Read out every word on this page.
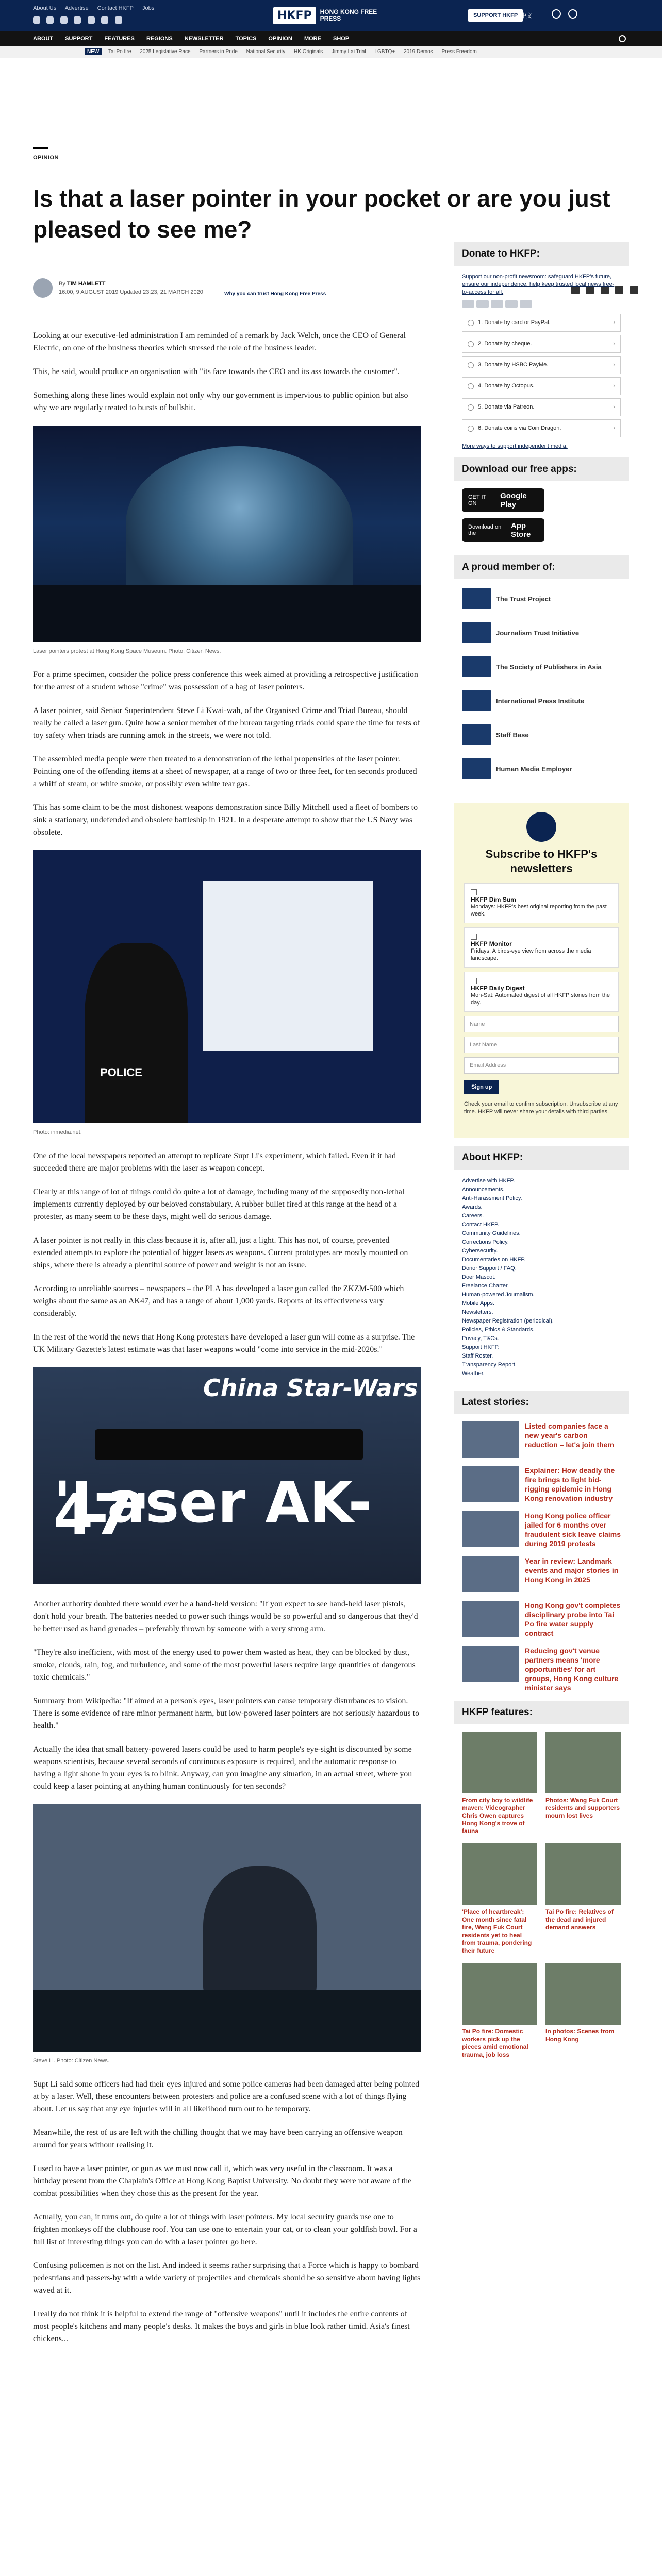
About Us Advertise Contact HKFP Jobs

HKFP	HONG KONG FREE PRESS	SUPPORT HKFP 中文

ABOUT SUPPORT FEATURES REGIONS NEWSLETTER TOPICS OPINION MORE SHOP
NEW Tai Po fire 2025 Legislative Race Partners in Pride National Security HK Originals Jimmy Lai Trial LGBTQ+ 2019 Demos Press Freedom
OPINION
Is that a laser pointer in your pocket or are you just pleased to see me?
By TIM HAMLETT
16:00, 9 AUGUST 2019 Updated 23:23, 21 MARCH 2020	Why you can trust Hong Kong Free Press

Looking at our executive-led administration I am reminded of a remark by Jack Welch, once the CEO of General Electric, on one of the business theories which stressed the role of the business leader.

This, he said, would produce an organisation with "its face towards the CEO and its ass towards the customer".

Something along these lines would explain not only why our government is impervious to public opinion but also why we are regularly treated to bursts of bullshit.

Laser pointers protest at Hong Kong Space Museum. Photo: Citizen News.

For a prime specimen, consider the police press conference this week aimed at providing a retrospective justification for the arrest of a student whose "crime" was possession of a bag of laser pointers.

A laser pointer, said Senior Superintendent Steve Li Kwai-wah, of the Organised Crime and Triad Bureau, should really be called a laser gun. Quite how a senior member of the bureau targeting triads could spare the time for tests of toy safety when triads are running amok in the streets, we were not told.

The assembled media people were then treated to a demonstration of the lethal propensities of the laser pointer. Pointing one of the offending items at a sheet of newspaper, at a range of two or three feet, for ten seconds produced a whiff of steam, or white smoke, or possibly even white tear gas.

This has some claim to be the most dishonest weapons demonstration since Billy Mitchell used a fleet of bombers to sink a stationary, undefended and obsolete battleship in 1921. In a desperate attempt to show that the US Navy was obsolete.

POLICE
Photo: inmedia.net.

One of the local newspapers reported an attempt to replicate Supt Li's experiment, which failed. Even if it had succeeded there are major problems with the laser as weapon concept.

Clearly at this range of lot of things could do quite a lot of damage, including many of the supposedly non-lethal implements currently deployed by our beloved constabulary. A rubber bullet fired at this range at the head of a protester, as many seem to be these days, might well do serious damage.

A laser pointer is not really in this class because it is, after all, just a light. This has not, of course, prevented extended attempts to explore the potential of bigger lasers as weapons. Current prototypes are mostly mounted on ships, where there is already a plentiful source of power and weight is not an issue.

According to unreliable sources – newspapers – the PLA has developed a laser gun called the ZKZM-500 which weighs about the same as an AK47, and has a range of about 1,000 yards. Reports of its effectiveness vary considerably.

In the rest of the world the news that Hong Kong protesters have developed a laser gun will come as a surprise. The UK Military Gazette's latest estimate was that laser weapons would "come into service in the mid-2020s."

China Star-Wars
'Laser AK-47'

Another authority doubted there would ever be a hand-held version: "If you expect to see hand-held laser pistols, don't hold your breath. The batteries needed to power such things would be so powerful and so dangerous that they'd be better used as hand grenades – preferably thrown by someone with a very strong arm.

"They're also inefficient, with most of the energy used to power them wasted as heat, they can be blocked by dust, smoke, clouds, rain, fog, and turbulence, and some of the most powerful lasers require large quantities of dangerous toxic chemicals."

Summary from Wikipedia: "If aimed at a person's eyes, laser pointers can cause temporary disturbances to vision. There is some evidence of rare minor permanent harm, but low-powered laser pointers are not seriously hazardous to health."

Actually the idea that small battery-powered lasers could be used to harm people's eye-sight is discounted by some weapons scientists, because several seconds of continuous exposure is required, and the automatic response to having a light shone in your eyes is to blink. Anyway, can you imagine any situation, in an actual street, where you could keep a laser pointing at anything human continuously for ten seconds?

Steve Li. Photo: Citizen News.

Supt Li said some officers had had their eyes injured and some police cameras had been damaged after being pointed at by a laser. Well, these encounters between protesters and police are a confused scene with a lot of things flying about. Let us say that any eye injuries will in all likelihood turn out to be temporary.

Meanwhile, the rest of us are left with the chilling thought that we may have been carrying an offensive weapon around for years without realising it.

I used to have a laser pointer, or gun as we must now call it, which was very useful in the classroom. It was a birthday present from the Chaplain's Office at Hong Kong Baptist University. No doubt they were not aware of the combat possibilities when they chose this as the present for the year.

Actually, you can, it turns out, do quite a lot of things with laser pointers. My local security guards use one to frighten monkeys off the clubhouse roof. You can use one to entertain your cat, or to clean your goldfish bowl. For a full list of interesting things you can do with a laser pointer go here.

Confusing policemen is not on the list. And indeed it seems rather surprising that a Force which is happy to bombard pedestrians and passers-by with a wide variety of projectiles and chemicals should be so sensitive about having lights waved at it.

I really do not think it is helpful to extend the range of "offensive weapons" until it includes the entire contents of most people's kitchens and many people's desks. It makes the boys and girls in blue look rather timid. Asia's finest chickens...

Donate to HKFP:
Support our non-profit newsroom: safeguard HKFP's future, ensure our independence, help keep trusted local news free-to-access for all.
1. Donate by card or PayPal.	›
2. Donate by cheque.	›
3. Donate by HSBC PayMe.	›
4. Donate by Octopus.	›
5. Donate via Patreon.	›
6. Donate coins via Coin Dragon.	›
More ways to support independent media.
Download our free apps:
GET IT ON
Google Play
Download on the
App Store
A proud member of:
The Trust Project
Journalism Trust Initiative
The Society of Publishers in Asia
International Press Institute
Staff Base
Human Media Employer
Subscribe to HKFP's newsletters
HKFP Dim Sum
Mondays: HKFP's best original reporting from the past week.
HKFP Monitor
Fridays: A birds-eye view from across the media landscape.
HKFP Daily Digest
Mon-Sat: Automated digest of all HKFP stories from the day.
Name
Last Name
Email Address
Sign up
Check your email to confirm subscription. Unsubscribe at any time. HKFP will never share your details with third parties.
About HKFP:
Advertise with HKFP.
Announcements.
Anti-Harassment Policy.
Awards.
Careers.
Contact HKFP.
Community Guidelines.
Corrections Policy.
Cybersecurity.
Documentaries on HKFP.
Donor Support / FAQ.
Doer Mascot.
Freelance Charter.
Human-powered Journalism.
Mobile Apps.
Newsletters.
Newspaper Registration (periodical).
Policies, Ethics & Standards.
Privacy, T&Cs.
Support HKFP.
Staff Roster.
Transparency Report.
Weather.
Latest stories:
Listed companies face a new year's carbon reduction – let's join them
Explainer: How deadly the fire brings to light bid-rigging epidemic in Hong Kong renovation industry
Hong Kong police officer jailed for 6 months over fraudulent sick leave claims during 2019 protests
Year in review: Landmark events and major stories in Hong Kong in 2025
Hong Kong gov't completes disciplinary probe into Tai Po fire water supply contract
Reducing gov't venue partners means 'more opportunities' for art groups, Hong Kong culture minister says
HKFP features:
From city boy to wildlife maven: Videographer Chris Owen captures Hong Kong's trove of fauna
Photos: Wang Fuk Court residents and supporters mourn lost lives
'Place of heartbreak': One month since fatal fire, Wang Fuk Court residents yet to heal from trauma, pondering their future
Tai Po fire: Relatives of the dead and injured demand answers
Tai Po fire: Domestic workers pick up the pieces amid emotional trauma, job loss
In photos: Scenes from Hong Kong
